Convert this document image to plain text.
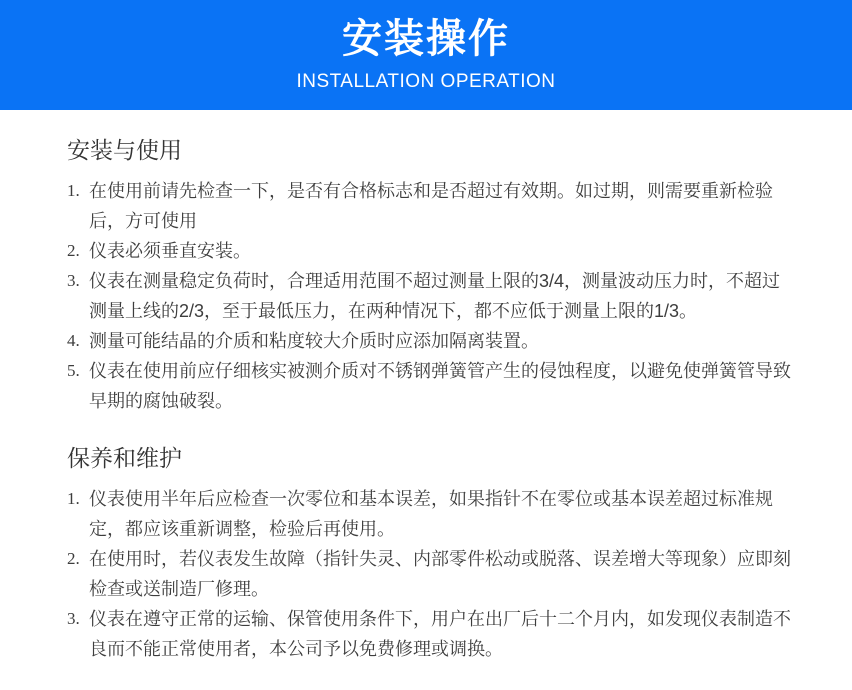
安装操作
INSTALLATION OPERATION
安装与使用
1. 在使用前请先检查一下，是否有合格标志和是否超过有效期。如过期，则需要重新检验后，方可使用
2. 仪表必须垂直安装。
3. 仪表在测量稳定负荷时，合理适用范围不超过测量上限的3/4，测量波动压力时，不超过测量上线的2/3，至于最低压力，在两种情况下，都不应低于测量上限的1/3。
4. 测量可能结晶的介质和粘度较大介质时应添加隔离装置。
5. 仪表在使用前应仔细核实被测介质对不锈钢弹簧管产生的侵蚀程度，以避免使弹簧管导致早期的腐蚀破裂。
保养和维护
1. 仪表使用半年后应检查一次零位和基本误差，如果指针不在零位或基本误差超过标准规定，都应该重新调整，检验后再使用。
2. 在使用时，若仪表发生故障（指针失灵、内部零件松动或脱落、误差增大等现象）应即刻检查或送制造厂修理。
3. 仪表在遵守正常的运输、保管使用条件下，用户在出厂后十二个月内，如发现仪表制造不良而不能正常使用者，本公司予以免费修理或调换。
